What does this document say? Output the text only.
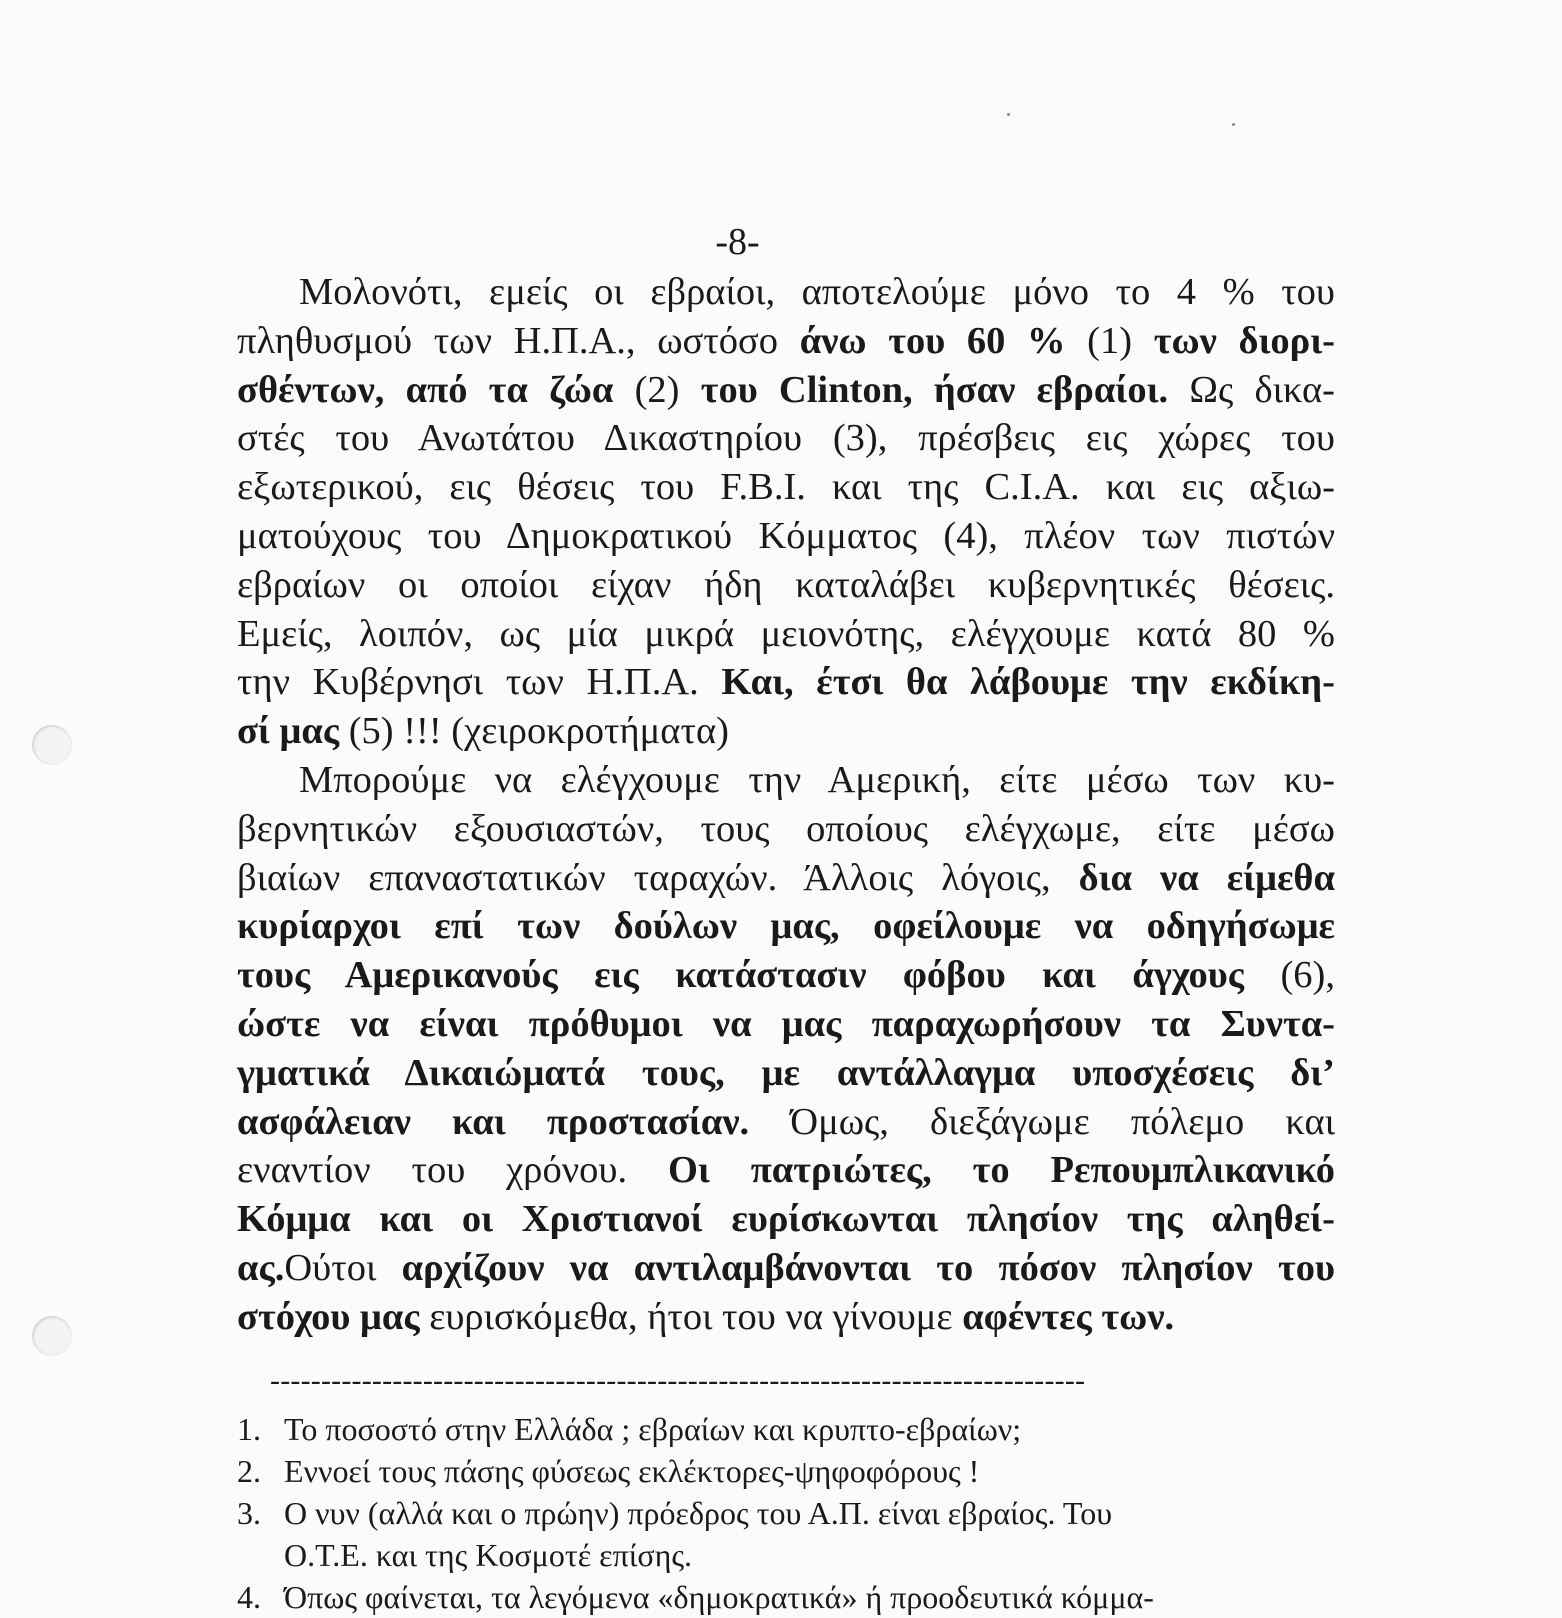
-8-
Μολονότι, εμείς οι εβραίοι, αποτελούμε μόνο το 4 % του
πληθυσμού των Η.Π.Α., ωστόσο άνω του 60 % (1) των διορι-
σθέντων, από τα ζώα (2) του Clinton, ήσαν εβραίοι. Ως δικα-
στές του Ανωτάτου Δικαστηρίου (3), πρέσβεις εις χώρες του
εξωτερικού, εις θέσεις του F.B.I. και της C.I.A. και εις αξιω-
ματούχους του Δημοκρατικού Κόμματος (4), πλέον των πιστών
εβραίων οι οποίοι είχαν ήδη καταλάβει κυβερνητικές θέσεις.
Εμείς, λοιπόν, ως μία μικρά μειονότης, ελέγχουμε κατά 80 %
την Κυβέρνησι των Η.Π.Α. Και, έτσι θα λάβουμε την εκδίκη-
σί μας (5) !!! (χειροκροτήματα)
Μπορούμε να ελέγχουμε την Αμερική, είτε μέσω των κυ-
βερνητικών εξουσιαστών, τους οποίους ελέγχωμε, είτε μέσω
βιαίων επαναστατικών ταραχών. Άλλοις λόγοις, δια να είμεθα
κυρίαρχοι επί των δούλων μας, οφείλουμε να οδηγήσωμε
τους Αμερικανούς εις κατάστασιν φόβου και άγχους (6),
ώστε να είναι πρόθυμοι να μας παραχωρήσουν τα Συντα-
γματικά Δικαιώματά τους, με αντάλλαγμα υποσχέσεις δι’
ασφάλειαν και προστασίαν. Όμως, διεξάγωμε πόλεμο και
εναντίον του χρόνου. Οι πατριώτες, το Ρεπουμπλικανικό
Κόμμα και οι Χριστιανοί ευρίσκωνται πλησίον της αληθεί-
ας.Ούτοι αρχίζουν να αντιλαμβάνονται το πόσον πλησίον του
στόχου μας ευρισκόμεθα, ήτοι του να γίνουμε αφέντες των.
--------------------------------------------------------------------------------
1. Το ποσοστό στην Ελλάδα ; εβραίων και κρυπτο-εβραίων;
2. Εννοεί τους πάσης φύσεως εκλέκτορες-ψηφοφόρους !
3. Ο νυν (αλλά και ο πρώην) πρόεδρος του Α.Π. είναι εβραίος. Του
Ο.Τ.Ε. και της Κοσμοτέ επίσης.
4. Όπως φαίνεται, τα λεγόμενα «δημοκρατικά» ή προοδευτικά κόμμα-
